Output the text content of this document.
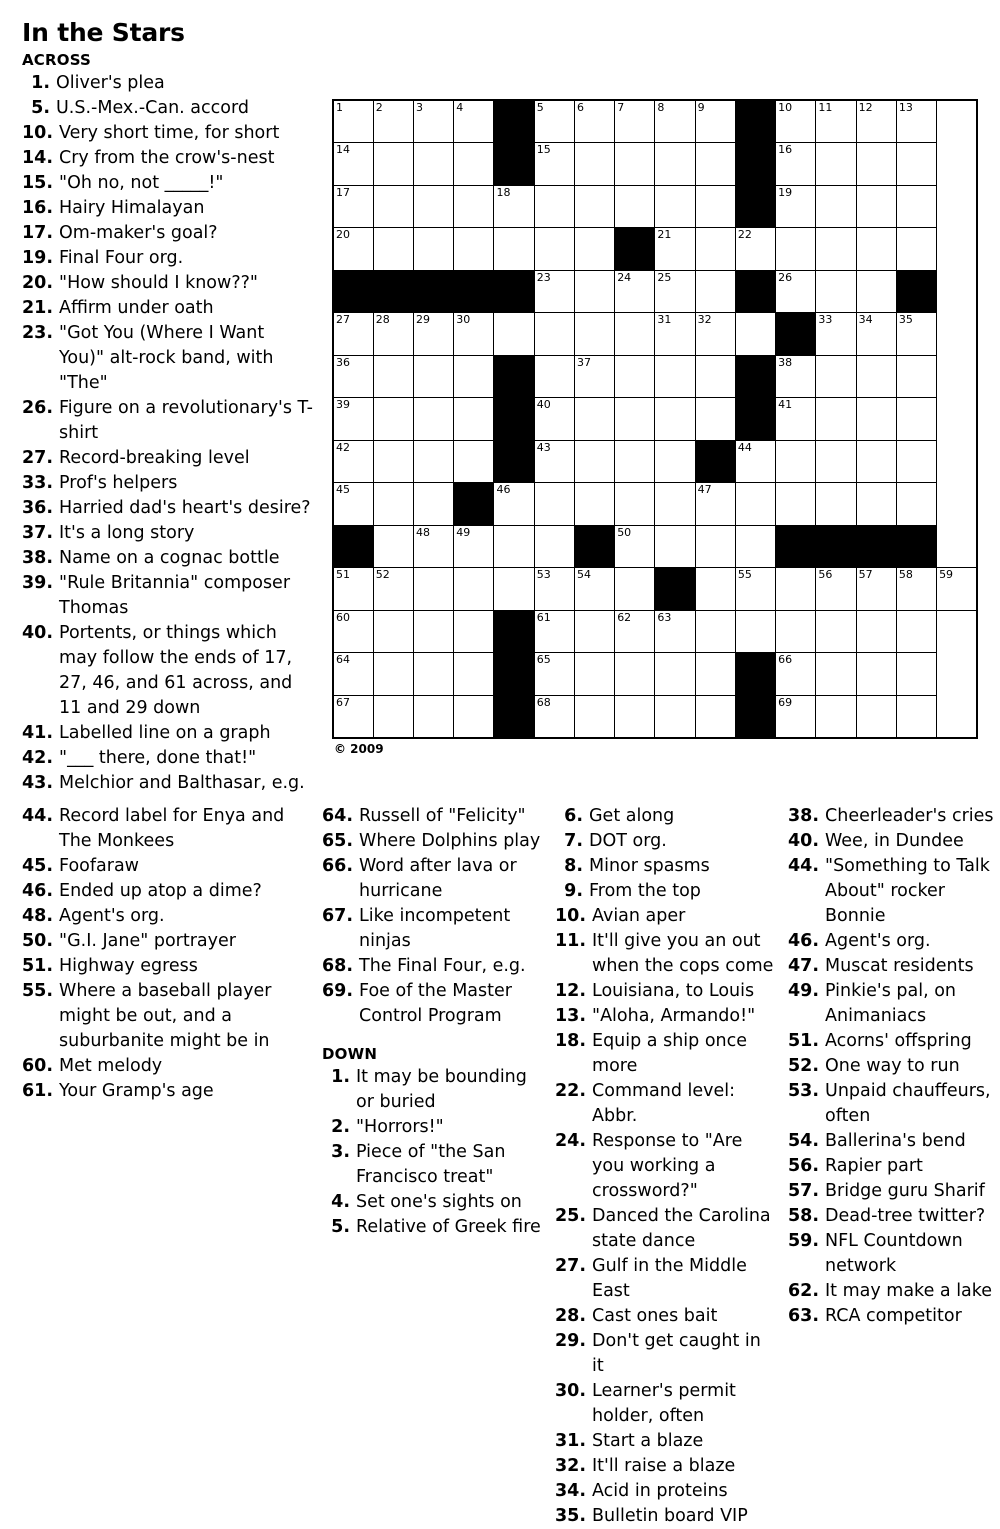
In the Stars
ACROSS
1. Oliver's plea
5. U.S.-Mex.-Can. accord
10. Very short time, for short
14. Cry from the crow's-nest
15. "Oh no, not _____!"
16. Hairy Himalayan
17. Om-maker's goal?
19. Final Four org.
20. "How should I know??"
21. Affirm under oath
23. "Got You (Where I Want You)" alt-rock band, with "The"
26. Figure on a revolutionary's T-shirt
27. Record-breaking level
33. Prof's helpers
36. Harried dad's heart's desire?
37. It's a long story
38. Name on a cognac bottle
39. "Rule Britannia" composer Thomas
40. Portents, or things which may follow the ends of 17, 27, 46, and 61 across, and 11 and 29 down
41. Labelled line on a graph
42. "___ there, done that!"
43. Melchior and Balthasar, e.g.
1	2	3	4		5	6	7	8	9		10	11	12	13	

14					15						16				

17				18							19				

20								21		22					

					23		24	25			26				

27	28	29	30					31	32			33	34	35	

36						37					38				

39					40						41				

42					43					44					

45				46					47						

		48	49				50								

51	52				53	54				55		56	57	58	59

60					61		62	63							

64					65						66				

67					68						69				

© 2009
44. Record label for Enya and The Monkees
45. Foofaraw
46. Ended up atop a dime?
48. Agent's org.
50. "G.I. Jane" portrayer
51. Highway egress
55. Where a baseball player might be out, and a suburbanite might be in
60. Met melody
61. Your Gramp's age
64. Russell of "Felicity"
65. Where Dolphins play
66. Word after lava or hurricane
67. Like incompetent ninjas
68. The Final Four, e.g.
69. Foe of the Master Control Program
DOWN
1. It may be bounding or buried
2. "Horrors!"
3. Piece of "the San Francisco treat"
4. Set one's sights on
5. Relative of Greek fire
6. Get along
7. DOT org.
8. Minor spasms
9. From the top
10. Avian aper
11. It'll give you an out when the cops come
12. Louisiana, to Louis
13. "Aloha, Armando!"
18. Equip a ship once more
22. Command level: Abbr.
24. Response to "Are you working a crossword?"
25. Danced the Carolina state dance
27. Gulf in the Middle East
28. Cast ones bait
29. Don't get caught in it
30. Learner's permit holder, often
31. Start a blaze
32. It'll raise a blaze
34. Acid in proteins
35. Bulletin board VIP
38. Cheerleader's cries
40. Wee, in Dundee
44. "Something to Talk About" rocker Bonnie
46. Agent's org.
47. Muscat residents
49. Pinkie's pal, on Animaniacs
51. Acorns' offspring
52. One way to run
53. Unpaid chauffeurs, often
54. Ballerina's bend
56. Rapier part
57. Bridge guru Sharif
58. Dead-tree twitter?
59. NFL Countdown network
62. It may make a lake
63. RCA competitor
